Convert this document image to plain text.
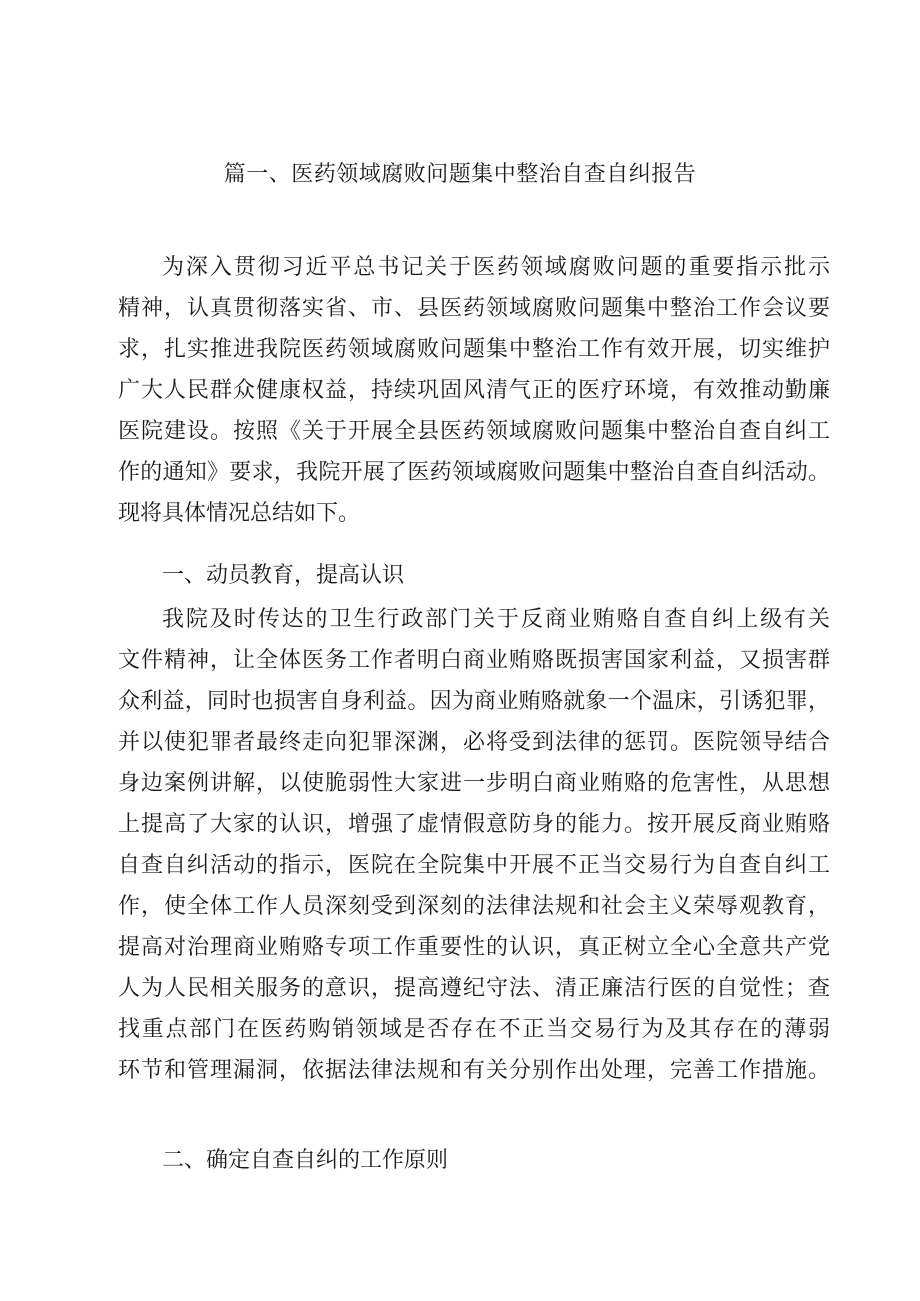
篇一、医药领域腐败问题集中整治自查自纠报告
为深入贯彻习近平总书记关于医药领域腐败问题的重要指示批示
精神，认真贯彻落实省、市、县医药领域腐败问题集中整治工作会议要
求，扎实推进我院医药领域腐败问题集中整治工作有效开展，切实维护
广大人民群众健康权益，持续巩固风清气正的医疗环境，有效推动勤廉
医院建设。按照《关于开展全县医药领域腐败问题集中整治自查自纠工
作的通知》要求，我院开展了医药领域腐败问题集中整治自查自纠活动。
现将具体情况总结如下。
一、动员教育，提高认识
我院及时传达的卫生行政部门关于反商业贿赂自查自纠上级有关
文件精神，让全体医务工作者明白商业贿赂既损害国家利益，又损害群
众利益，同时也损害自身利益。因为商业贿赂就象一个温床，引诱犯罪，
并以使犯罪者最终走向犯罪深渊，必将受到法律的惩罚。医院领导结合
身边案例讲解，以使脆弱性大家进一步明白商业贿赂的危害性，从思想
上提高了大家的认识，增强了虚情假意防身的能力。按开展反商业贿赂
自查自纠活动的指示，医院在全院集中开展不正当交易行为自查自纠工
作，使全体工作人员深刻受到深刻的法律法规和社会主义荣辱观教育，
提高对治理商业贿赂专项工作重要性的认识，真正树立全心全意共产党
人为人民相关服务的意识，提高遵纪守法、清正廉洁行医的自觉性；查
找重点部门在医药购销领域是否存在不正当交易行为及其存在的薄弱
环节和管理漏洞，依据法律法规和有关分别作出处理，完善工作措施。
二、确定自查自纠的工作原则
